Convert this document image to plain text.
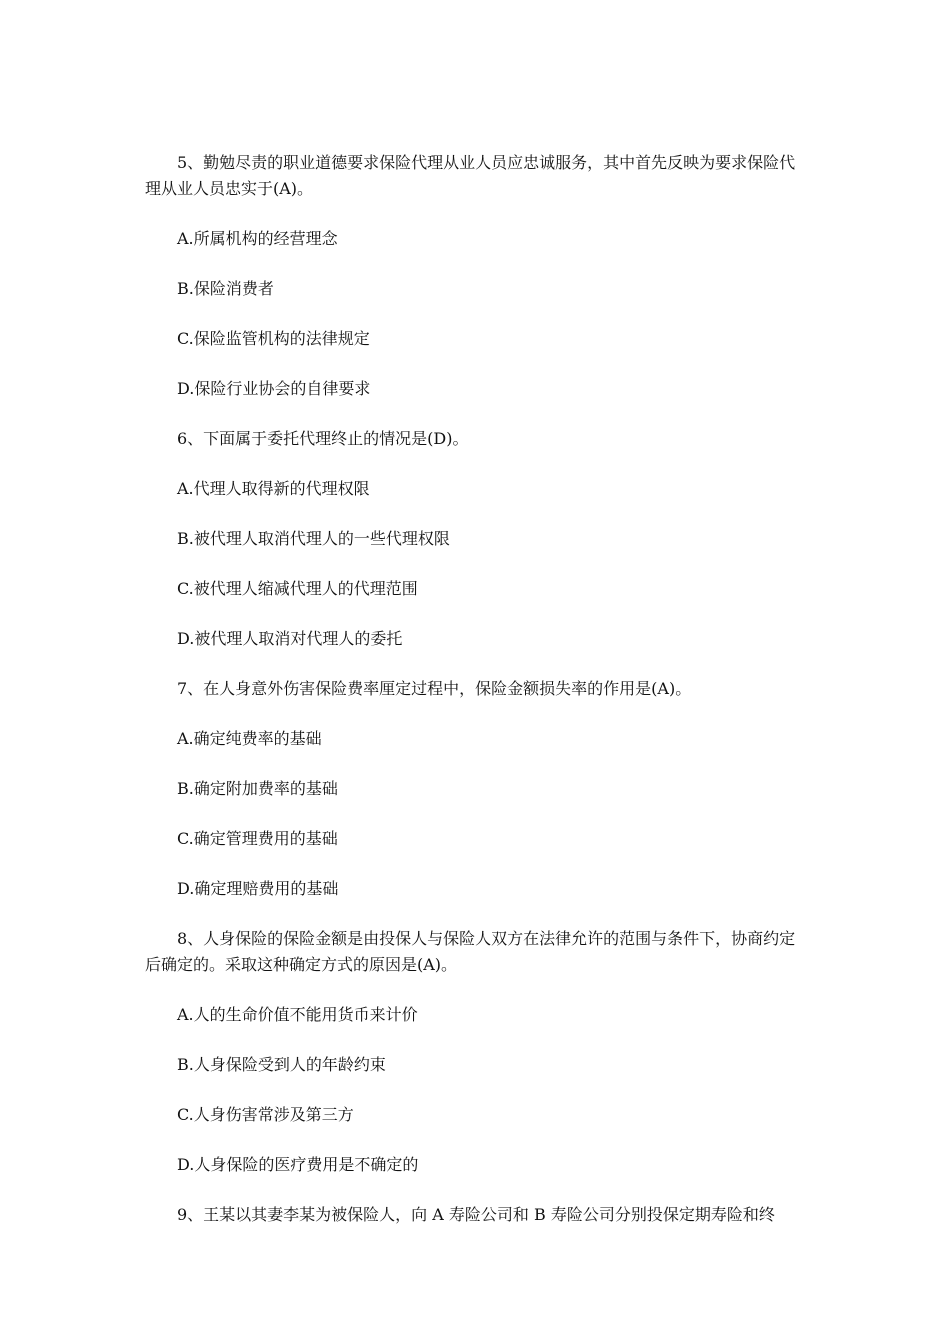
5、勤勉尽责的职业道德要求保险代理从业人员应忠诚服务，其中首先反映为要求保险代理从业人员忠实于(A)。

A.所属机构的经营理念

B.保险消费者

C.保险监管机构的法律规定

D.保险行业协会的自律要求

6、下面属于委托代理终止的情况是(D)。

A.代理人取得新的代理权限

B.被代理人取消代理人的一些代理权限

C.被代理人缩减代理人的代理范围

D.被代理人取消对代理人的委托

7、在人身意外伤害保险费率厘定过程中，保险金额损失率的作用是(A)。

A.确定纯费率的基础

B.确定附加费率的基础

C.确定管理费用的基础

D.确定理赔费用的基础

8、人身保险的保险金额是由投保人与保险人双方在法律允许的范围与条件下，协商约定后确定的。采取这种确定方式的原因是(A)。

A.人的生命价值不能用货币来计价

B.人身保险受到人的年龄约束

C.人身伤害常涉及第三方

D.人身保险的医疗费用是不确定的

9、王某以其妻李某为被保险人，向 A 寿险公司和 B 寿险公司分别投保定期寿险和终
